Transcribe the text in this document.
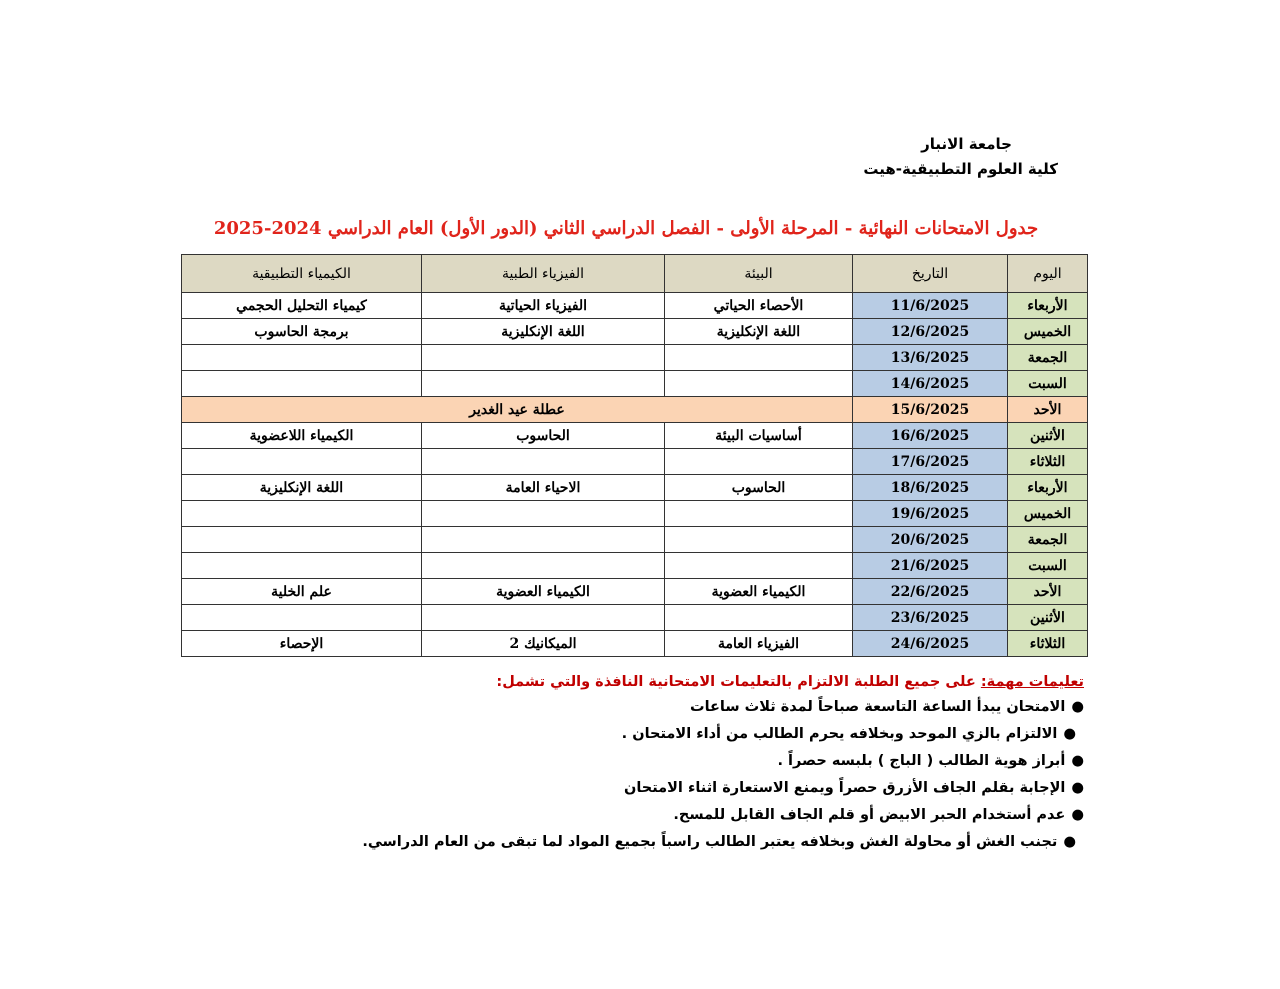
جامعة الانبار
كلية العلوم التطبيقية-هيت
جدول الامتحانات النهائية - المرحلة الأولى - الفصل الدراسي الثاني (الدور الأول) العام الدراسي 2024-2025
اليوم	التاريخ	البيئة	الفيزياء الطبية	الكيمياء التطبيقية
الأربعاء	11/6/2025	الأحصاء الحياتي	الفيزياء الحياتية	كيمياء التحليل الحجمي
الخميس	12/6/2025	اللغة الإنكليزية	اللغة الإنكليزية	برمجة الحاسوب
الجمعة	13/6/2025			
السبت	14/6/2025			
الأحد	15/6/2025	عطلة عيد الغدير		
الأثنين	16/6/2025	أساسيات البيئة	الحاسوب	الكيمياء اللاعضوية
الثلاثاء	17/6/2025			
الأربعاء	18/6/2025	الحاسوب	الاحياء العامة	اللغة الإنكليزية
الخميس	19/6/2025			
الجمعة	20/6/2025			
السبت	21/6/2025			
الأحد	22/6/2025	الكيمياء العضوية	الكيمياء العضوية	علم الخلية
الأثنين	23/6/2025			
الثلاثاء	24/6/2025	الفيزياء العامة	الميكانيك 2	الإحصاء
تعليمات مهمة: على جميع الطلبة الالتزام بالتعليمات الامتحانية النافذة والتي تشمل:
●الامتحان يبدأ الساعة التاسعة صباحاً لمدة ثلاث ساعات
●الالتزام بالزي الموحد وبخلافه يحرم الطالب من أداء الامتحان .
●أبراز هوية الطالب ( الباج ) بلبسه حصراً .
●الإجابة بقلم الجاف الأزرق حصراً ويمنع الاستعارة اثناء الامتحان
●عدم أستخدام الحبر الابيض أو قلم الجاف القابل للمسح.
●تجنب الغش أو محاولة الغش وبخلافه يعتبر الطالب راسباً بجميع المواد لما تبقى من العام الدراسي.
